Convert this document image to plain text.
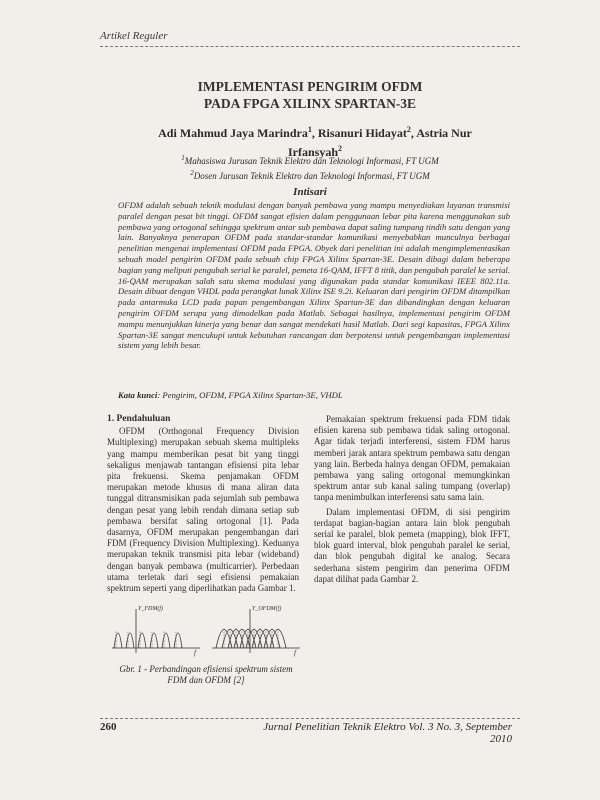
Artikel Reguler
IMPLEMENTASI PENGIRIM OFDM
PADA FPGA XILINX SPARTAN-3E
Adi Mahmud Jaya Marindra$^1$, Risanuri Hidayat$^2$, Astria Nur Irfansyah$^2$
$^1$Mahasiswa Jurusan Teknik Elektro dan Teknologi Informasi, FT UGM
$^2$Dosen Jurusan Teknik Elektro dan Teknologi Informasi, FT UGM
Intisari
OFDM adalah sebuah teknik modulasi dengan banyak pembawa yang mampu menyediakan layanan transmisi paralel dengan pesat bit tinggi. OFDM sangat efisien dalam penggunaan lebar pita karena menggunakan sub pembawa yang ortogonal sehingga spektrum antar sub pembawa dapat saling tumpang tindih satu dengan yang lain. Banyaknya penerapan OFDM pada standar-standar komunikasi menyebabkan munculnya berbagai penelitian mengenai implementasi OFDM pada FPGA. Obyek dari penelitian ini adalah mengimplementasikan sebuah model pengirim OFDM pada sebuah chip FPGA Xilinx Spartan-3E. Desain dibagi dalam beberapa bagian yang meliputi pengubah serial ke paralel, pemeta 16-QAM, IFFT 8 titik, dan pengubah paralel ke serial. 16-QAM merupakan salah satu skema modulasi yang digunakan pada standar komunikasi IEEE 802.11a. Desain dibuat dengan VHDL pada perangkat lunak Xilinx ISE 9.2i. Keluaran dari pengirim OFDM ditampilkan pada antarmuka LCD pada papan pengembangan Xilinx Spartan-3E dan dibandingkan dengan keluaran pengirim OFDM serupa yang dimodelkan pada Matlab. Sebagai hasilnya, implementasi pengirim OFDM mampu menunjukkan kinerja yang benar dan sangat mendekati hasil Matlab. Dari segi kapasitas, FPGA Xilinx Spartan-3E sangat mencukupi untuk kebutuhan rancangan dan berpotensi untuk pengembangan implementasi sistem yang lebih besar.
Kata kunci: Pengirim, OFDM, FPGA Xilinx Spartan-3E, VHDL
1. Pendahuluan

OFDM (Orthogonal Frequency Division Multiplexing) merupakan sebuah skema multipleks yang mampu memberikan pesat bit yang tinggi sekaligus menjawab tantangan efisiensi pita lebar pita frekuensi. Skema penjamakan OFDM merupakan metode khusus di mana aliran data tunggal ditransmisikan pada sejumlah sub pembawa dengan pesat yang lebih rendah dimana setiap sub pembawa bersifat saling ortogonal [1]. Pada dasarnya, OFDM merupakan pengembangan dari FDM (Frequency Division Multiplexing). Keduanya merupakan teknik transmisi pita lebar (wideband) dengan banyak pembawa (multicarrier). Perbedaan utama terletak dari segi efisiensi pemakaian spektrum seperti yang diperlihatkan pada Gambar 1.

Pemakaian spektrum frekuensi pada FDM tidak efisien karena sub pembawa tidak saling ortogonal. Agar tidak terjadi interferensi, sistem FDM harus memberi jarak antara spektrum pembawa satu dengan yang lain. Berbeda halnya dengan OFDM, pemakaian pembawa yang saling ortogonal memungkinkan spektrum antar sub kanal saling tumpang (overlap) tanpa menimbulkan interferensi satu sama lain.

Dalam implementasi OFDM, di sisi pengirim terdapat bagian-bagian antara lain blok pengubah serial ke paralel, blok pemeta (mapping), blok IFFT, blok guard interval, blok pengubah paralel ke serial, dan blok pengubah digital ke analog. Secara sederhana sistem pengirim dan penerima OFDM dapat dilihat pada Gambar 2.

Y_FDM(f)
f
Y_OFDM(f)
f
Gbr. 1 - Perbandingan efisiensi spektrum sistem
FDM dan OFDM [2]
260	Jurnal Penelitian Teknik Elektro Vol. 3 No. 3, September 2010
